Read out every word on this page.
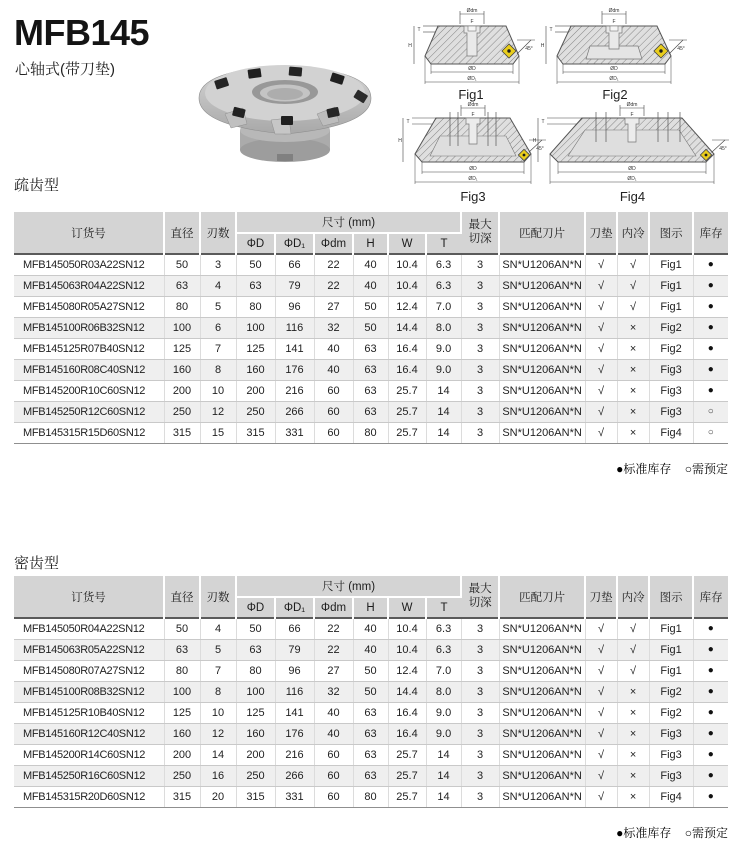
MFB145
心轴式(带刀垫)
Ødm
F
T
H
ØD
ØD₁
45°
Fig1
Ødm
F
T
H
ØD
ØD₁
45°
Fig2
Ødm
F
T
H
ØD
ØD₁
45°
Fig3
Ødm
F
T
H
ØD
ØD₁
45°
Fig4
疏齿型
订货号	直径	刃数	尺寸 (mm)						最大
切深	匹配刀片	刀垫	内冷	图示	库存
			ΦD	ΦD₁	Φdm	H	W	T						
MFB145050R03A22SN12	50	3	50	66	22	40	10.4	6.3	3	SN*U1206AN*N	√	√	Fig1	●
MFB145063R04A22SN12	63	4	63	79	22	40	10.4	6.3	3	SN*U1206AN*N	√	√	Fig1	●
MFB145080R05A27SN12	80	5	80	96	27	50	12.4	7.0	3	SN*U1206AN*N	√	√	Fig1	●
MFB145100R06B32SN12	100	6	100	116	32	50	14.4	8.0	3	SN*U1206AN*N	√	×	Fig2	●
MFB145125R07B40SN12	125	7	125	141	40	63	16.4	9.0	3	SN*U1206AN*N	√	×	Fig2	●
MFB145160R08C40SN12	160	8	160	176	40	63	16.4	9.0	3	SN*U1206AN*N	√	×	Fig3	●
MFB145200R10C60SN12	200	10	200	216	60	63	25.7	14	3	SN*U1206AN*N	√	×	Fig3	●
MFB145250R12C60SN12	250	12	250	266	60	63	25.7	14	3	SN*U1206AN*N	√	×	Fig3	○
MFB145315R15D60SN12	315	15	315	331	60	80	25.7	14	3	SN*U1206AN*N	√	×	Fig4	○
●标准库存 ○需预定
密齿型
订货号	直径	刃数	尺寸 (mm)						最大
切深	匹配刀片	刀垫	内冷	图示	库存
			ΦD	ΦD₁	Φdm	H	W	T						
MFB145050R04A22SN12	50	4	50	66	22	40	10.4	6.3	3	SN*U1206AN*N	√	√	Fig1	●
MFB145063R05A22SN12	63	5	63	79	22	40	10.4	6.3	3	SN*U1206AN*N	√	√	Fig1	●
MFB145080R07A27SN12	80	7	80	96	27	50	12.4	7.0	3	SN*U1206AN*N	√	√	Fig1	●
MFB145100R08B32SN12	100	8	100	116	32	50	14.4	8.0	3	SN*U1206AN*N	√	×	Fig2	●
MFB145125R10B40SN12	125	10	125	141	40	63	16.4	9.0	3	SN*U1206AN*N	√	×	Fig2	●
MFB145160R12C40SN12	160	12	160	176	40	63	16.4	9.0	3	SN*U1206AN*N	√	×	Fig3	●
MFB145200R14C60SN12	200	14	200	216	60	63	25.7	14	3	SN*U1206AN*N	√	×	Fig3	●
MFB145250R16C60SN12	250	16	250	266	60	63	25.7	14	3	SN*U1206AN*N	√	×	Fig3	●
MFB145315R20D60SN12	315	20	315	331	60	80	25.7	14	3	SN*U1206AN*N	√	×	Fig4	●
●标准库存 ○需预定
